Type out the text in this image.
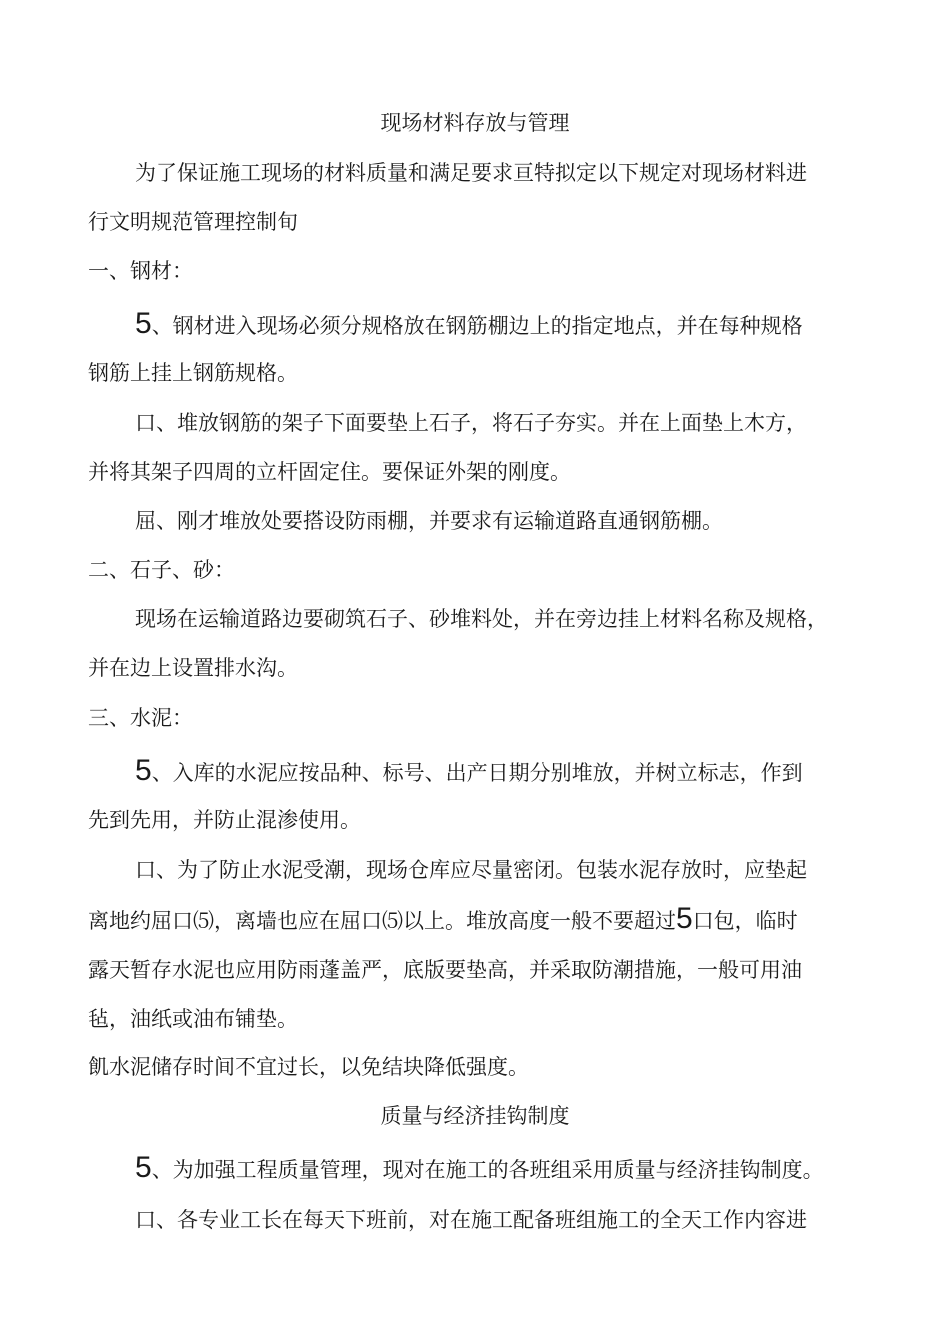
现场材料存放与管理
为了保证施工现场的材料质量和满足要求亘特拟定以下规定对现场材料进
行文明规范管理控制旬
一、钢材：
5、钢材进入现场必须分规格放在钢筋棚边上的指定地点，并在每种规格
钢筋上挂上钢筋规格。
口、堆放钢筋的架子下面要垫上石子，将石子夯实。并在上面垫上木方，
并将其架子四周的立杆固定住。要保证外架的刚度。
屈、刚才堆放处要搭设防雨棚，并要求有运输道路直通钢筋棚。
二、石子、砂：
现场在运输道路边要砌筑石子、砂堆料处，并在旁边挂上材料名称及规格，
并在边上设置排水沟。
三、水泥：
5、入库的水泥应按品种、标号、出产日期分别堆放，并树立标志，作到
先到先用，并防止混渗使用。
口、为了防止水泥受潮，现场仓库应尽量密闭。包装水泥存放时，应垫起
离地约屈口⑸，离墙也应在屈口⑸以上。堆放高度一般不要超过5口包，临时
露天暂存水泥也应用防雨蓬盖严，底版要垫高，并采取防潮措施，一般可用油
毡，油纸或油布铺垫。
飢水泥储存时间不宜过长，以免结块降低强度。
质量与经济挂钩制度
5、为加强工程质量管理，现对在施工的各班组采用质量与经济挂钩制度。
口、各专业工长在每天下班前，对在施工配备班组施工的全天工作内容进
